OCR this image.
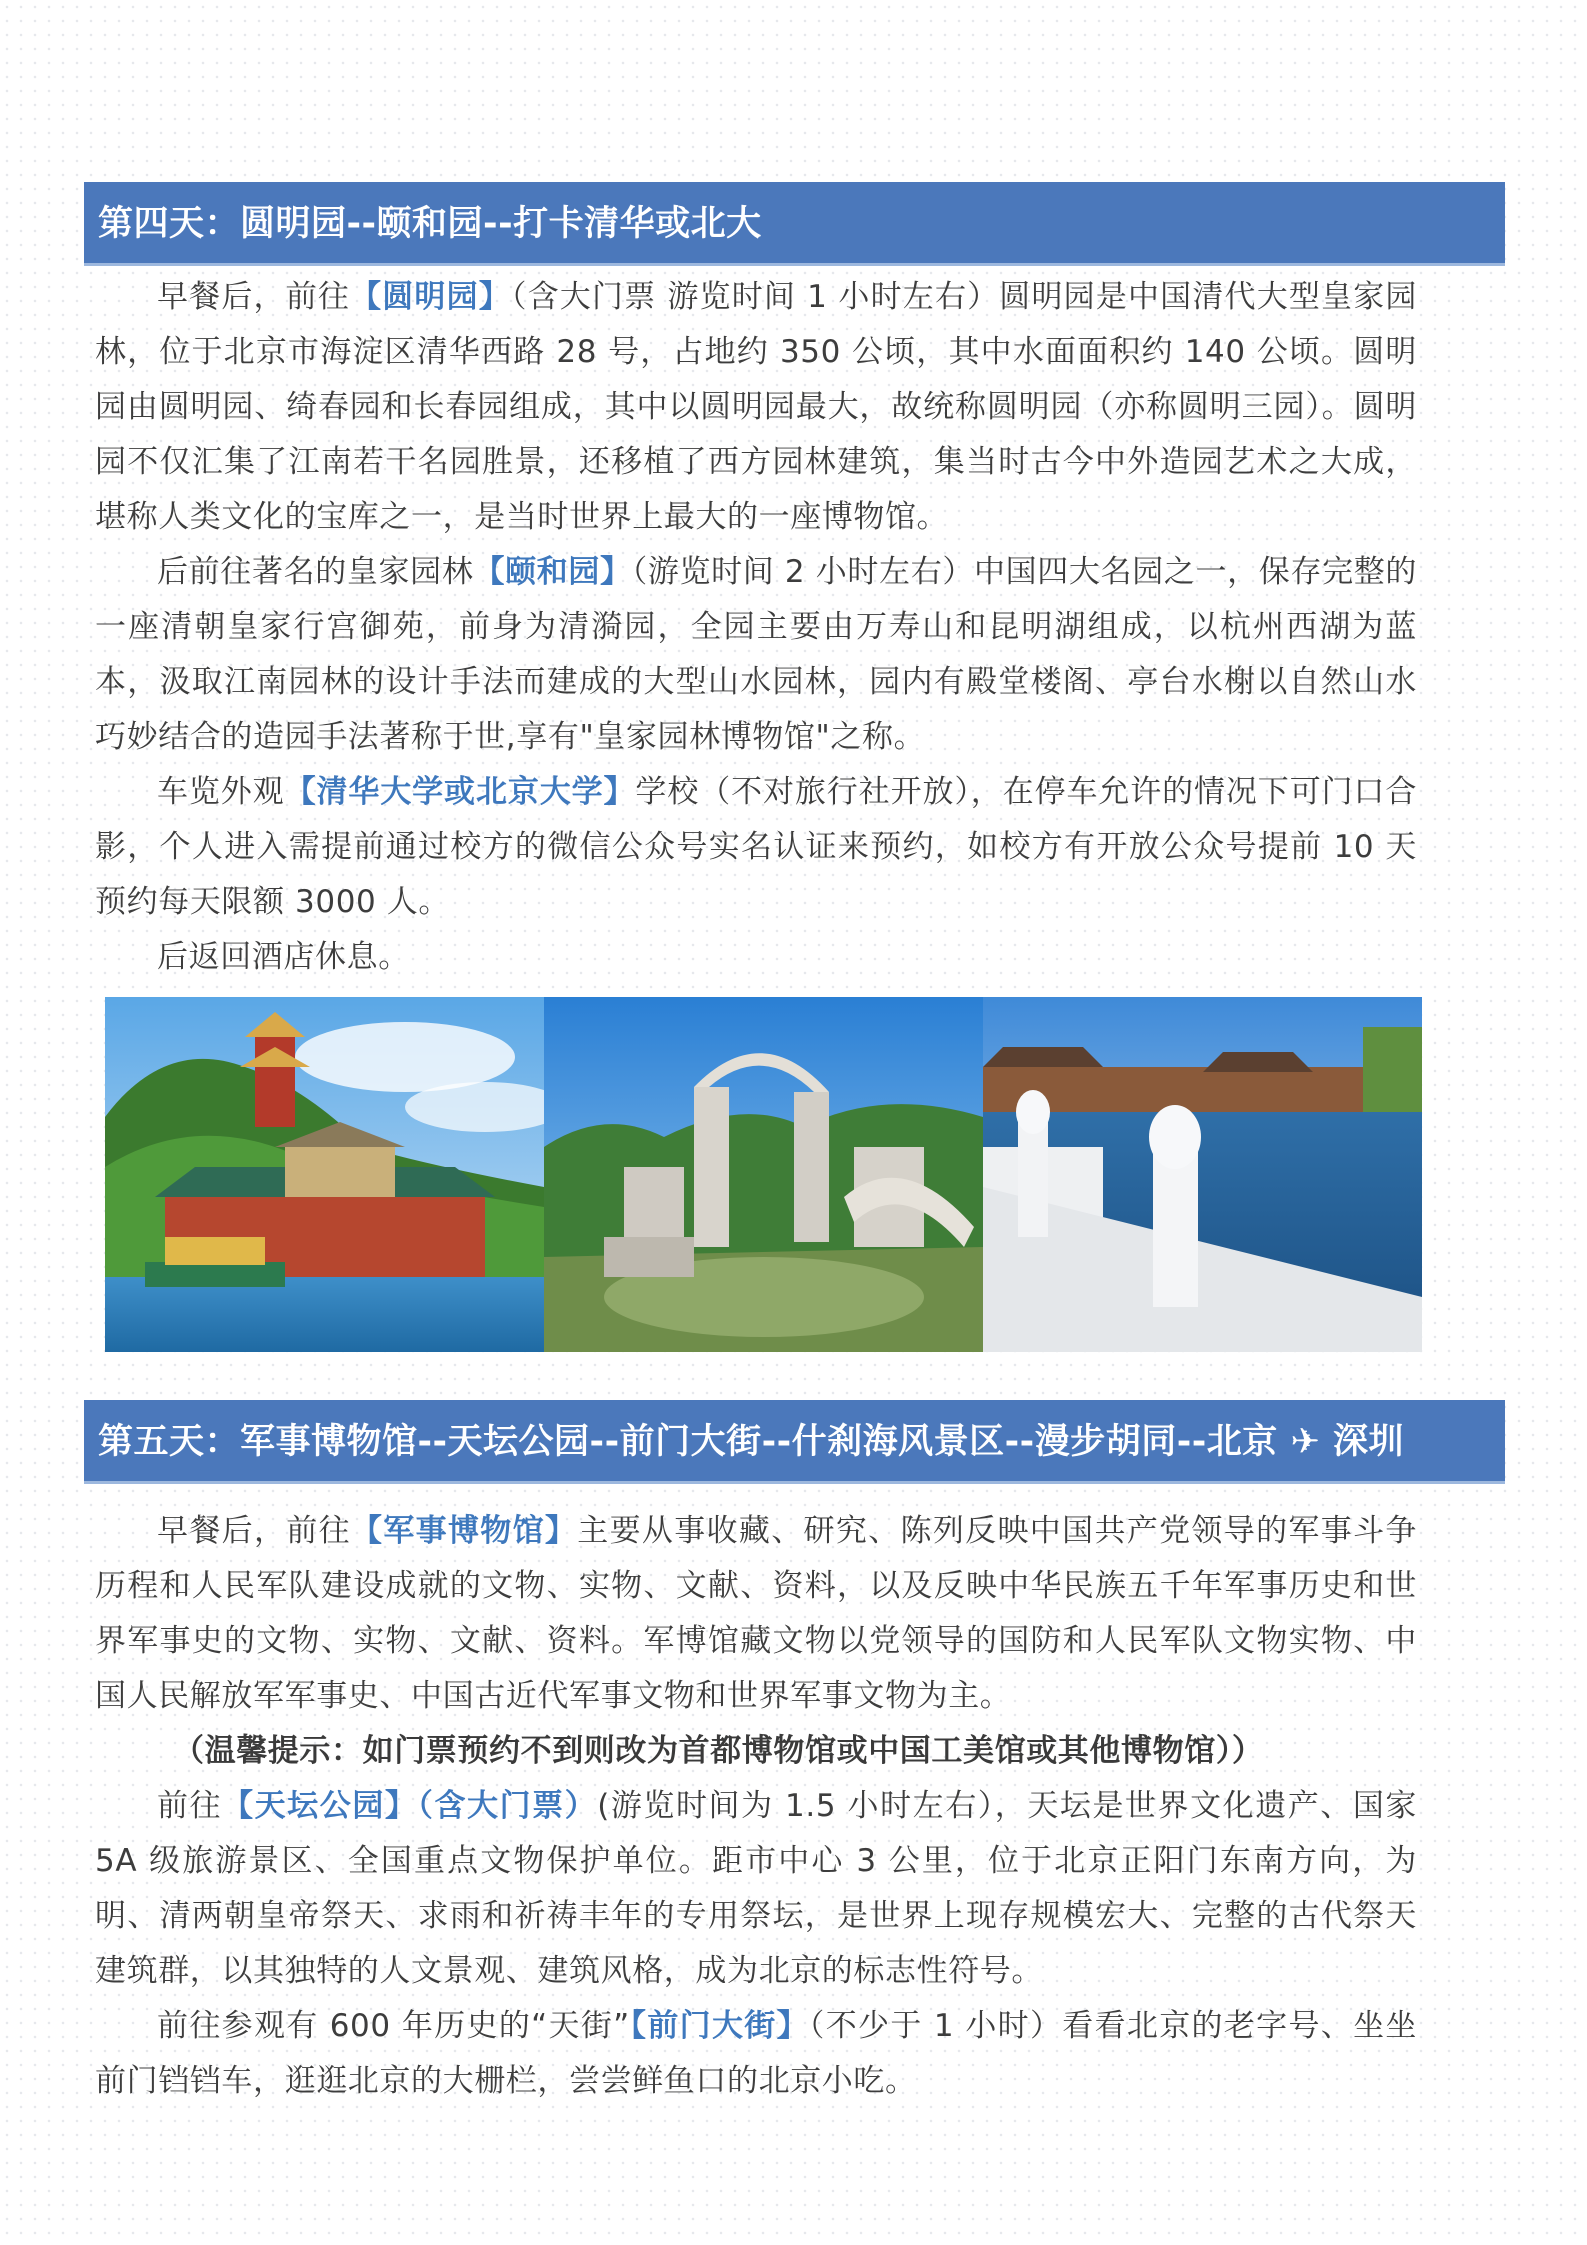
第四天：圆明园--颐和园--打卡清华或北大

早餐后，前往【圆明园】（含大门票 游览时间 1 小时左右）圆明园是中国清代大型皇家园林，位于北京市海淀区清华西路 28 号，占地约 350 公顷，其中水面面积约 140 公顷。圆明园由圆明园、绮春园和长春园组成，其中以圆明园最大，故统称圆明园（亦称圆明三园）。圆明园不仅汇集了江南若干名园胜景，还移植了西方园林建筑，集当时古今中外造园艺术之大成，堪称人类文化的宝库之一，是当时世界上最大的一座博物馆。

后前往著名的皇家园林【颐和园】（游览时间 2 小时左右）中国四大名园之一，保存完整的一座清朝皇家行宫御苑，前身为清漪园，全园主要由万寿山和昆明湖组成，以杭州西湖为蓝本，汲取江南园林的设计手法而建成的大型山水园林，园内有殿堂楼阁、亭台水榭以自然山水巧妙结合的造园手法著称于世,享有"皇家园林博物馆"之称。

车览外观【清华大学或北京大学】学校（不对旅行社开放），在停车允许的情况下可门口合影，个人进入需提前通过校方的微信公众号实名认证来预约，如校方有开放公众号提前 10 天预约每天限额 3000 人。

后返回酒店休息。

第五天：军事博物馆--天坛公园--前门大街--什刹海风景区--漫步胡同--北京 ✈ 深圳

早餐后，前往【军事博物馆】主要从事收藏、研究、陈列反映中国共产党领导的军事斗争历程和人民军队建设成就的文物、实物、文献、资料，以及反映中华民族五千年军事历史和世界军事史的文物、实物、文献、资料。军博馆藏文物以党领导的国防和人民军队文物实物、中国人民解放军军事史、中国古近代军事文物和世界军事文物为主。

（温馨提示：如门票预约不到则改为首都博物馆或中国工美馆或其他博物馆））

前往【天坛公园】（含大门票）(游览时间为 1.5 小时左右），天坛是世界文化遗产、国家 5A 级旅游景区、全国重点文物保护单位。距市中心 3 公里，位于北京正阳门东南方向，为明、清两朝皇帝祭天、求雨和祈祷丰年的专用祭坛，是世界上现存规模宏大、完整的古代祭天建筑群，以其独特的人文景观、建筑风格，成为北京的标志性符号。

前往参观有 600 年历史的“天街”【前门大街】（不少于 1 小时）看看北京的老字号、坐坐前门铛铛车，逛逛北京的大栅栏，尝尝鲜鱼口的北京小吃。
